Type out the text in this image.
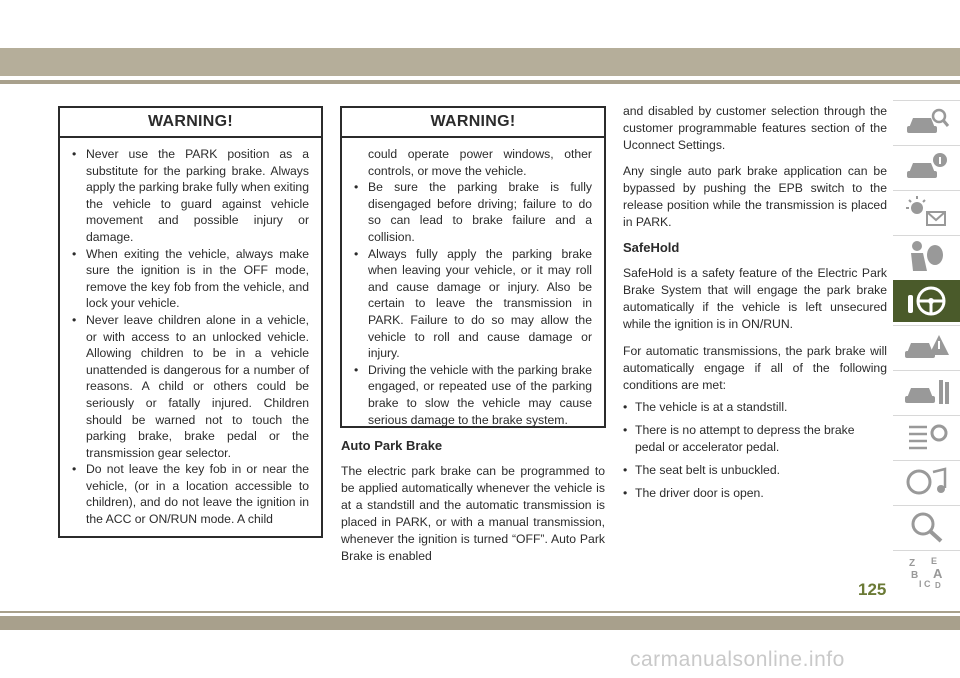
WARNING!
• Never use the PARK position as a substitute for the parking brake. Always apply the parking brake fully when exiting the vehicle to guard against vehicle movement and possible injury or damage.
• When exiting the vehicle, always make sure the ignition is in the OFF mode, remove the key fob from the vehicle, and lock your vehicle.
• Never leave children alone in a vehicle, or with access to an unlocked vehicle. Allowing children to be in a vehicle unattended is dangerous for a number of reasons. A child or others could be seriously or fatally injured. Children should be warned not to touch the parking brake, brake pedal or the transmission gear selector.
• Do not leave the key fob in or near the vehicle, (or in a location accessible to children), and do not leave the ignition in the ACC or ON/RUN mode. A child
WARNING!

could operate power windows, other controls, or move the vehicle.

• Be sure the parking brake is fully disengaged before driving; failure to do so can lead to brake failure and a collision.
• Always fully apply the parking brake when leaving your vehicle, or it may roll and cause damage or injury. Also be certain to leave the transmission in PARK. Failure to do so may allow the vehicle to roll and cause damage or injury.
• Driving the vehicle with the parking brake engaged, or repeated use of the parking brake to slow the vehicle may cause serious damage to the brake system.
Auto Park Brake

The electric park brake can be programmed to be applied automatically whenever the vehicle is at a standstill and the automatic transmission is placed in PARK, or with a manual transmission, whenever the ignition is turned “OFF”. Auto Park Brake is enabled

and disabled by customer selection through the customer programmable features section of the Uconnect Settings.

Any single auto park brake application can be bypassed by pushing the EPB switch to the release position while the transmission is placed in PARK.

SafeHold

SafeHold is a safety feature of the Electric Park Brake System that will engage the park brake automatically if the vehicle is left unsecured while the ignition is in ON/RUN.

For automatic transmissions, the park brake will automatically engage if all of the following conditions are met:

• The vehicle is at a standstill.

• There is no attempt to depress the brake pedal or accelerator pedal.

• The seat belt is unbuckled.

• The driver door is open.

Z E
B A
I C D
125
carmanualsonline.info
